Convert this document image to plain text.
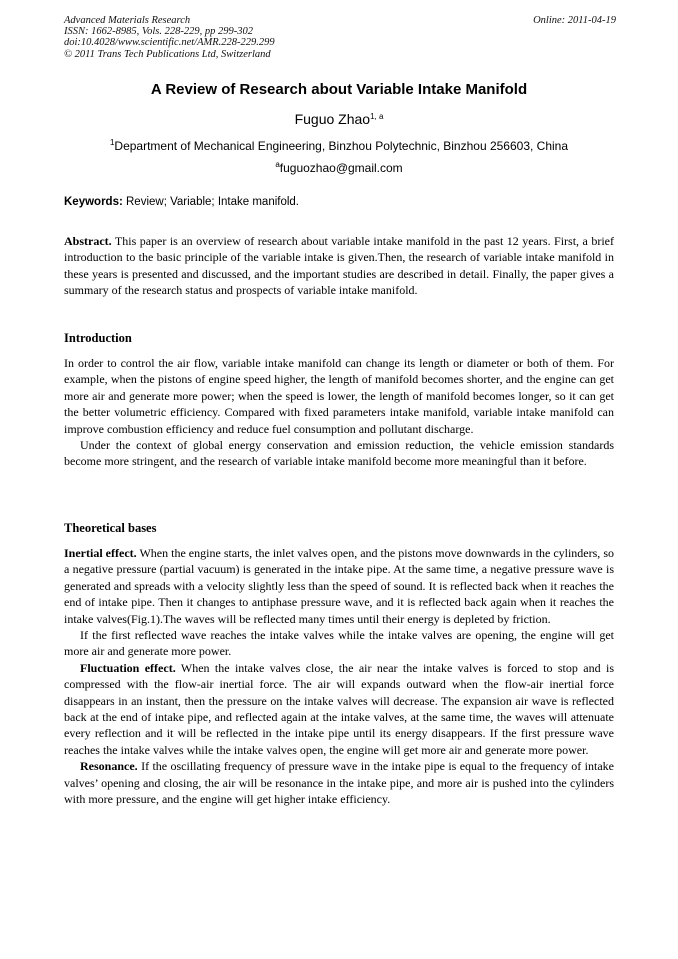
Advanced Materials Research
ISSN: 1662-8985, Vols. 228-229, pp 299-302
doi:10.4028/www.scientific.net/AMR.228-229.299
© 2011 Trans Tech Publications Ltd, Switzerland
Online: 2011-04-19
A Review of Research about Variable Intake Manifold
Fuguo Zhao$^{1, a}$
$^1$Department of Mechanical Engineering, Binzhou Polytechnic, Binzhou 256603, China
$^a$fuguozhao@gmail.com
Keywords: Review; Variable; Intake manifold.

Abstract. This paper is an overview of research about variable intake manifold in the past 12 years. First, a brief introduction to the basic principle of the variable intake is given.Then, the research of variable intake manifold in these years is presented and discussed, and the important studies are described in detail. Finally, the paper gives a summary of the research status and prospects of variable intake manifold.

Introduction

In order to control the air flow, variable intake manifold can change its length or diameter or both of them. For example, when the pistons of engine speed higher, the length of manifold becomes shorter, and the engine can get more air and generate more power; when the speed is lower, the length of manifold becomes longer, so it can get the better volumetric efficiency. Compared with fixed parameters intake manifold, variable intake manifold can improve combustion efficiency and reduce fuel consumption and pollutant discharge.

Under the context of global energy conservation and emission reduction, the vehicle emission standards become more stringent, and the research of variable intake manifold become more meaningful than it before.

Theoretical bases

Inertial effect. When the engine starts, the inlet valves open, and the pistons move downwards in the cylinders, so a negative pressure (partial vacuum) is generated in the intake pipe. At the same time, a negative pressure wave is generated and spreads with a velocity slightly less than the speed of sound. It is reflected back when it reaches the end of intake pipe. Then it changes to antiphase pressure wave, and it is reflected back again when it reaches the intake valves(Fig.1).The waves will be reflected many times until their energy is depleted by friction.

If the first reflected wave reaches the intake valves while the intake valves are opening, the engine will get more air and generate more power.

Fluctuation effect. When the intake valves close, the air near the intake valves is forced to stop and is compressed with the flow-air inertial force. The air will expands outward when the flow-air inertial force disappears in an instant, then the pressure on the intake valves will decrease. The expansion air wave is reflected back at the end of intake pipe, and reflected again at the intake valves, at the same time, the waves will attenuate every reflection and it will be reflected in the intake pipe until its energy disappears. If the first pressure wave reaches the intake valves while the intake valves open, the engine will get more air and generate more power.

Resonance. If the oscillating frequency of pressure wave in the intake pipe is equal to the frequency of intake valves’ opening and closing, the air will be resonance in the intake pipe, and more air is pushed into the cylinders with more pressure, and the engine will get higher intake efficiency.
